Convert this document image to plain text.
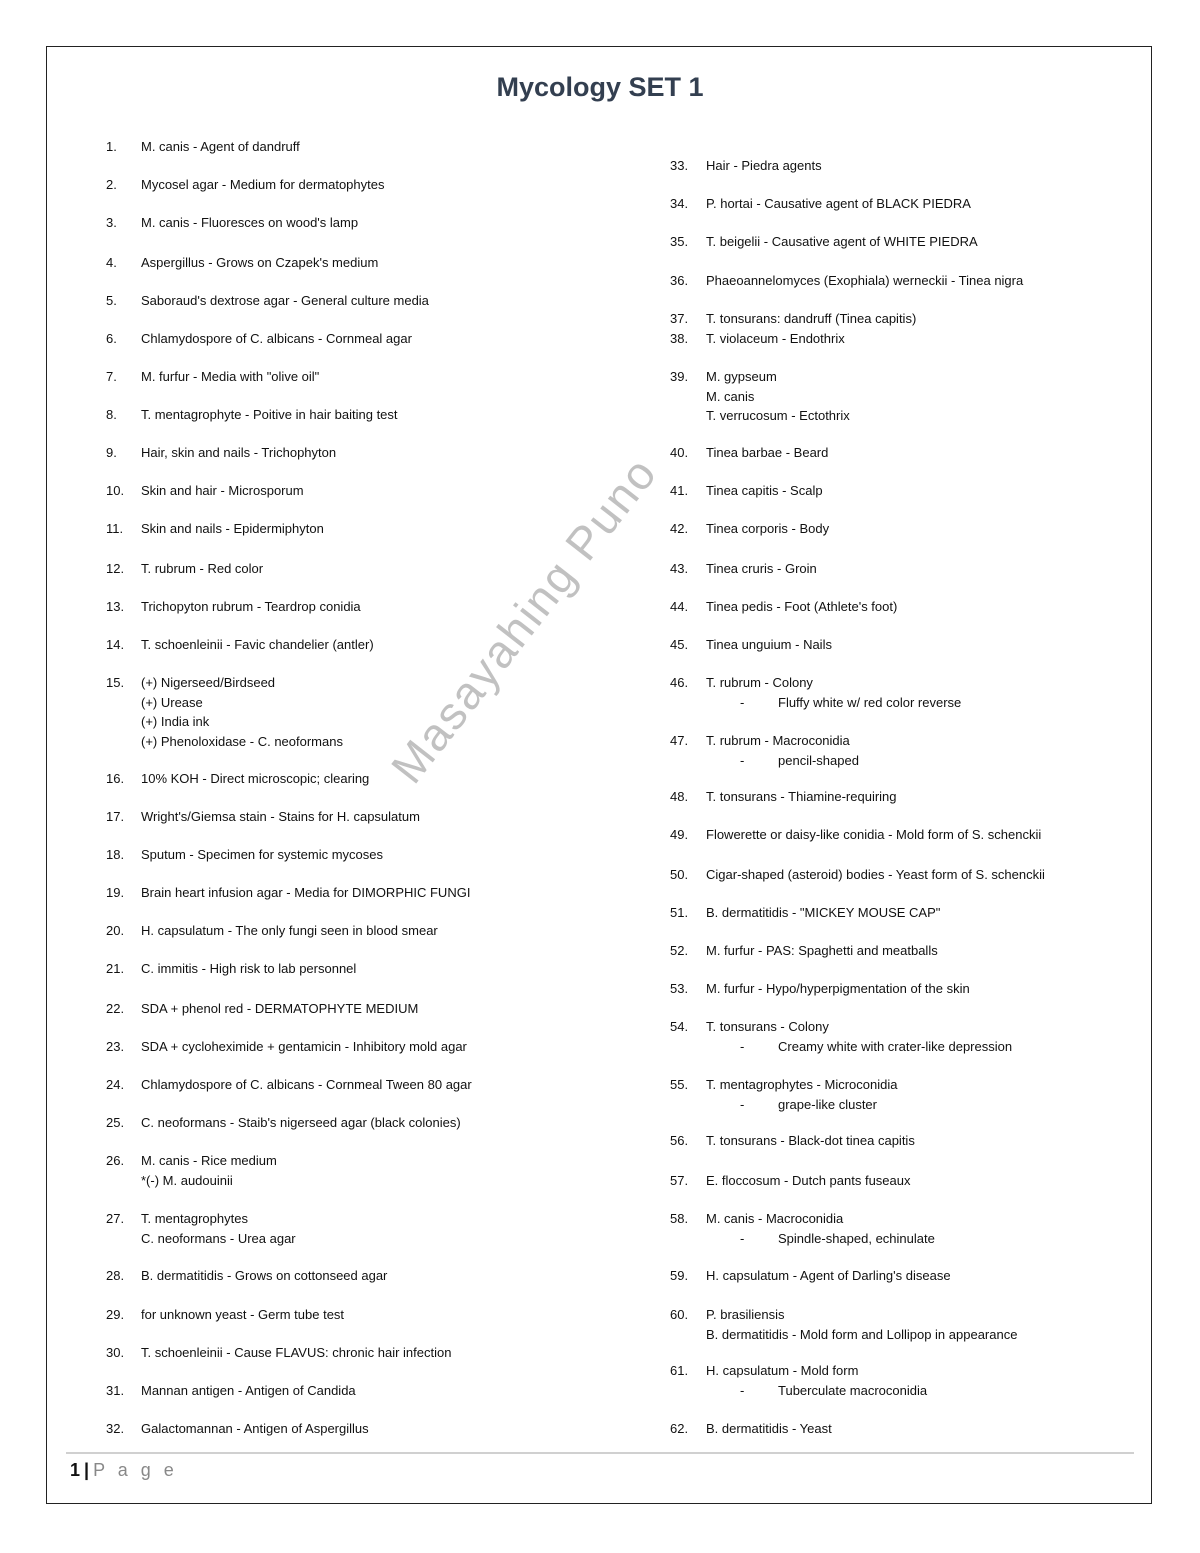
Mycology SET 1
Masayahing Puno
1.	M. canis - Agent of dandruff
2.	Mycosel agar - Medium for dermatophytes
3.	M. canis - Fluoresces on wood's lamp
4.	Aspergillus - Grows on Czapek's medium
5.	Saboraud's dextrose agar - General culture media
6.	Chlamydospore of C. albicans - Cornmeal agar
7.	M. furfur - Media with "olive oil"
8.	T. mentagrophyte - Poitive in hair baiting test
9.	Hair, skin and nails - Trichophyton
10.	Skin and hair - Microsporum
11.	Skin and nails - Epidermiphyton
12.	T. rubrum - Red color
13.	Trichopyton rubrum - Teardrop conidia
14.	T. schoenleinii - Favic chandelier (antler)
15.	(+) Nigerseed/Birdseed
(+) Urease
(+) India ink
(+) Phenoloxidase - C. neoformans
16.	10% KOH - Direct microscopic; clearing
17.	Wright's/Giemsa stain - Stains for H. capsulatum
18.	Sputum - Specimen for systemic mycoses
19.	Brain heart infusion agar - Media for DIMORPHIC FUNGI
20.	H. capsulatum - The only fungi seen in blood smear
21.	C. immitis - High risk to lab personnel
22.	SDA + phenol red - DERMATOPHYTE MEDIUM
23.	SDA + cycloheximide + gentamicin - Inhibitory mold agar
24.	Chlamydospore of C. albicans - Cornmeal Tween 80 agar
25.	C. neoformans - Staib's nigerseed agar (black colonies)
26.	M. canis - Rice medium
*(-) M. audouinii
27.	T. mentagrophytes
C. neoformans - Urea agar
28.	B. dermatitidis - Grows on cottonseed agar
29.	for unknown yeast - Germ tube test
30.	T. schoenleinii - Cause FLAVUS: chronic hair infection
31.	Mannan antigen - Antigen of Candida
32.	Galactomannan - Antigen of Aspergillus
33.	Hair - Piedra agents
34.	P. hortai - Causative agent of BLACK PIEDRA
35.	T. beigelii - Causative agent of WHITE PIEDRA
36.	Phaeoannelomyces (Exophiala) werneckii - Tinea nigra
37.	T. tonsurans: dandruff (Tinea capitis)
38.	T. violaceum - Endothrix
39.	M. gypseum
M. canis
T. verrucosum - Ectothrix
40.	Tinea barbae - Beard
41.	Tinea capitis - Scalp
42.	Tinea corporis - Body
43.	Tinea cruris - Groin
44.	Tinea pedis - Foot (Athlete's foot)
45.	Tinea unguium - Nails
46.	T. rubrum - Colony
-	Fluffy white w/ red color reverse
47.	T. rubrum - Macroconidia
-	pencil-shaped
48.	T. tonsurans - Thiamine-requiring
49.	Flowerette or daisy-like conidia - Mold form of S. schenckii
50.	Cigar-shaped (asteroid) bodies - Yeast form of S. schenckii
51.	B. dermatitidis - "MICKEY MOUSE CAP"
52.	M. furfur - PAS: Spaghetti and meatballs
53.	M. furfur - Hypo/hyperpigmentation of the skin
54.	T. tonsurans - Colony
-	Creamy white with crater-like depression
55.	T. mentagrophytes - Microconidia
-	grape-like cluster
56.	T. tonsurans - Black-dot tinea capitis
57.	E. floccosum - Dutch pants fuseaux
58.	M. canis - Macroconidia
-	Spindle-shaped, echinulate
59.	H. capsulatum - Agent of Darling's disease
60.	P. brasiliensis
B. dermatitidis - Mold form and Lollipop in appearance
61.	H. capsulatum - Mold form
-	Tuberculate macroconidia
62.	B. dermatitidis - Yeast
1 | P a g e
